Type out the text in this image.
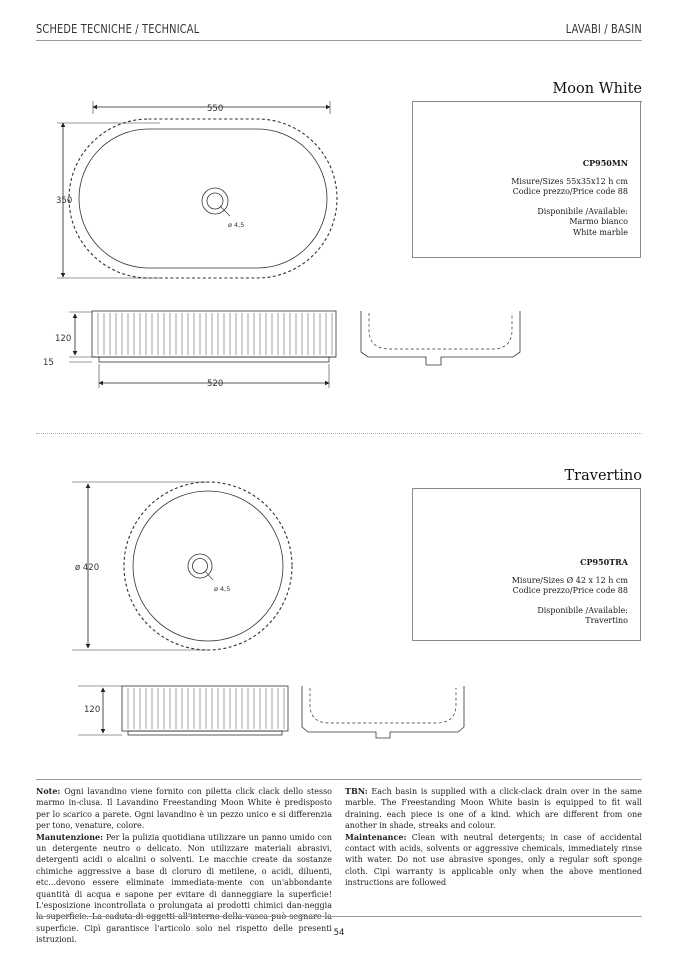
SCHEDE TECNICHE / TECHNICAL	LAVABI / BASIN
Moon White
CP950MN
Misure/Sizes 55x35x12 h cm
Codice prezzo/Price code 88
Disponibile /Available:
Marmo bianco
White marble
Travertino
CP950TRA
Misure/Sizes Ø 42 x 12 h cm
Codice prezzo/Price code 88
Disponibile /Available:
Travertino
550
350
ø 4,5
120
15
520
ø 420
ø 4,5
120

Note: Ogni lavandino viene fornito con piletta click clack dello stesso marmo in-clusa. Il Lavandino Freestanding Moon White è predisposto per lo scarico a parete. Ogni lavandino è un pezzo unico e si differenzia per tono, venature, colore.

Manutenzione: Per la pulizia quotidiana utilizzare un panno umido con un detergente neutro o delicato. Non utilizzare materiali abrasivi, detergenti acidi o alcalini o solventi. Le macchie create da sostanze chimiche aggressive a base di cloruro di metilene, o acidi, diluenti, etc...devono essere eliminate immediata-mente con un'abbondante quantità di acqua e sapone per evitare di danneggiare la superficie! L'esposizione incontrollata o prolungata ai prodotti chimici dan-neggia la superficie. La caduta di oggetti all'interno della vasca può segnare la superficie. Cipì garantisce l'articolo solo nel rispetto delle presenti istruzioni.

TBN: Each basin is supplied with a click-clack drain over in the same marble. The Freestanding Moon White basin is equipped to fit wall draining. each piece is one of a kind. which are different from one another in shade, streaks and colour.

Maintenance: Clean with neutral detergents; in case of accidental contact with acids, solvents or aggressive chemicals, immediately rinse with water. Do not use abrasive sponges, only a regular soft sponge cloth. Cipì warranty is applicable only when the above mentioned instructions are followed

54
